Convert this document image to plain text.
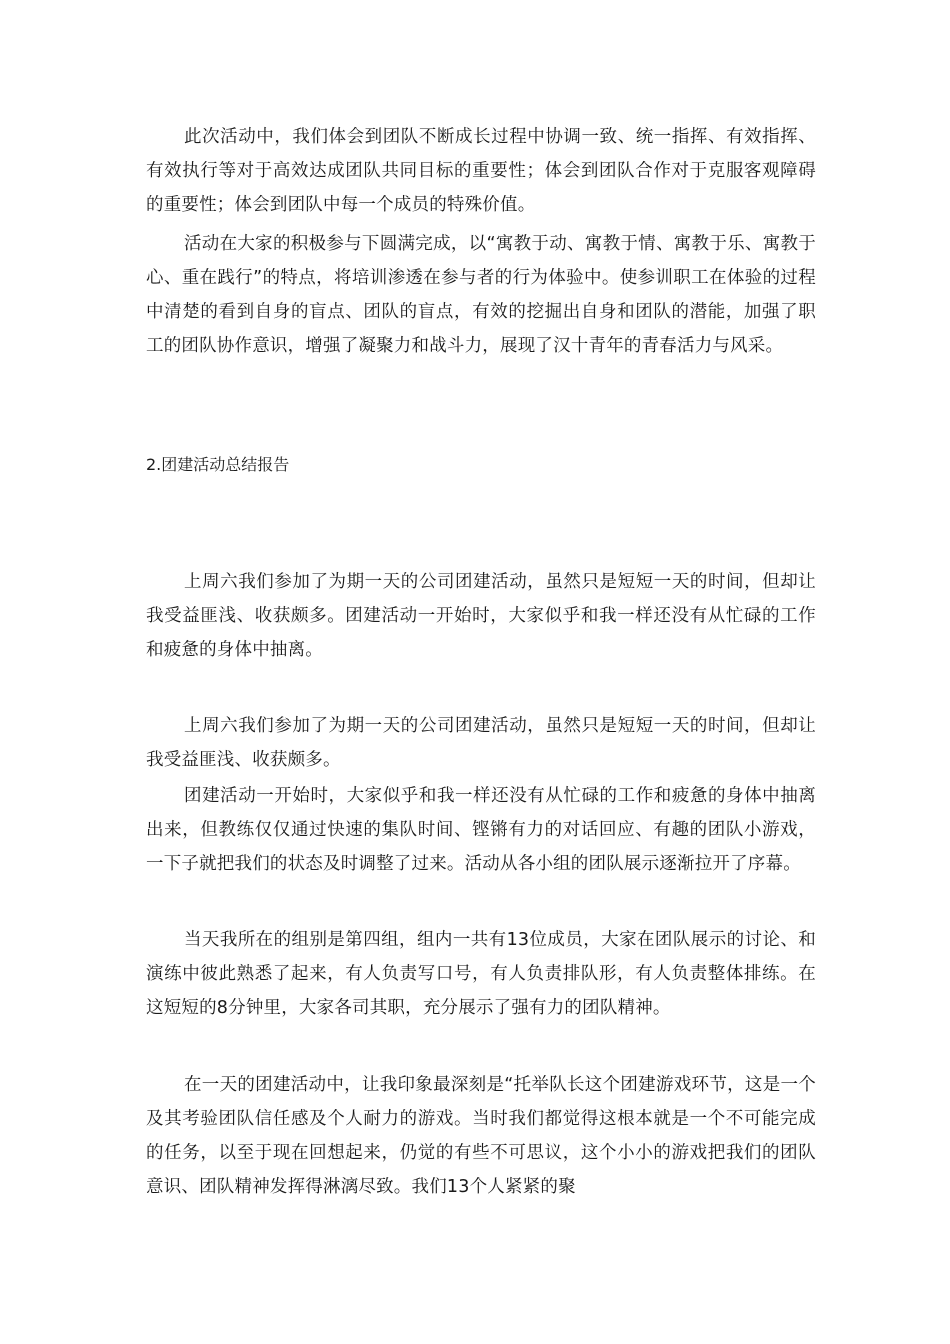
此次活动中，我们体会到团队不断成长过程中协调一致、统一指挥、有效指挥、有效执行等对于高效达成团队共同目标的重要性；体会到团队合作对于克服客观障碍的重要性；体会到团队中每一个成员的特殊价值。

活动在大家的积极参与下圆满完成，以“寓教于动、寓教于情、寓教于乐、寓教于心、重在践行”的特点，将培训渗透在参与者的行为体验中。使参训职工在体验的过程中清楚的看到自身的盲点、团队的盲点，有效的挖掘出自身和团队的潜能，加强了职工的团队协作意识，增强了凝聚力和战斗力，展现了汉十青年的青春活力与风采。

2.团建活动总结报告

上周六我们参加了为期一天的公司团建活动，虽然只是短短一天的时间，但却让我受益匪浅、收获颇多。团建活动一开始时，大家似乎和我一样还没有从忙碌的工作和疲惫的身体中抽离。

上周六我们参加了为期一天的公司团建活动，虽然只是短短一天的时间，但却让我受益匪浅、收获颇多。

团建活动一开始时，大家似乎和我一样还没有从忙碌的工作和疲惫的身体中抽离出来，但教练仅仅通过快速的集队时间、铿锵有力的对话回应、有趣的团队小游戏，一下子就把我们的状态及时调整了过来。活动从各小组的团队展示逐渐拉开了序幕。

当天我所在的组别是第四组，组内一共有13位成员，大家在团队展示的讨论、和演练中彼此熟悉了起来，有人负责写口号，有人负责排队形，有人负责整体排练。在这短短的8分钟里，大家各司其职，充分展示了强有力的团队精神。

在一天的团建活动中，让我印象最深刻是“托举队长这个团建游戏环节，这是一个及其考验团队信任感及个人耐力的游戏。当时我们都觉得这根本就是一个不可能完成的任务，以至于现在回想起来，仍觉的有些不可思议，这个小小的游戏把我们的团队意识、团队精神发挥得淋漓尽致。我们13个人紧紧的聚
